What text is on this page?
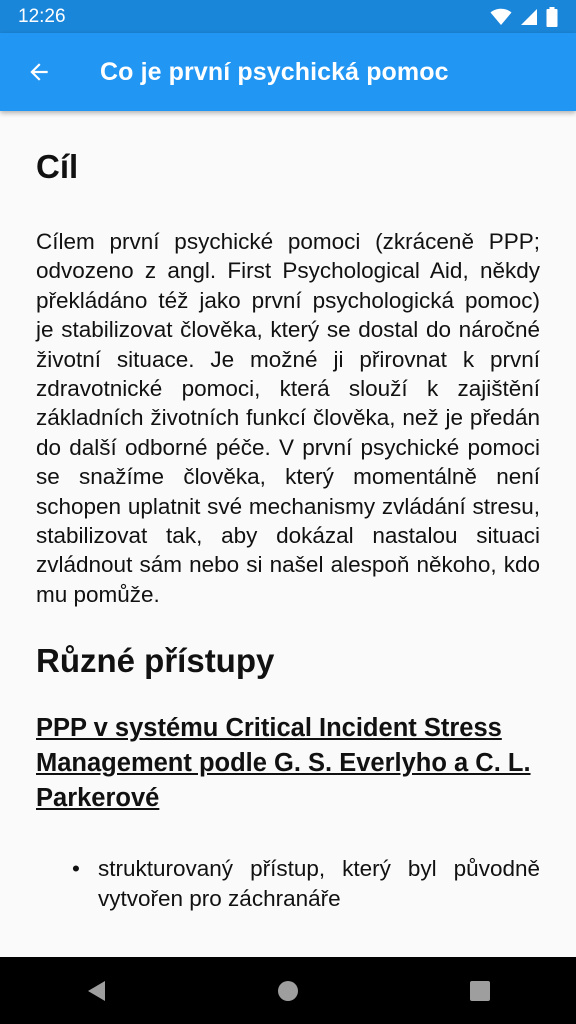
12:26
Co je první psychická pomoc
Cíl

Cílem první psychické pomoci (zkráceně PPP; odvozeno z angl. First Psychological Aid, někdy překládáno též jako první psychologická pomoc) je stabilizovat člověka, který se dostal do náročné životní situace. Je možné ji přirovnat k první zdravotnické pomoci, která slouží k zajištění základních životních funkcí člověka, než je předán do další odborné péče. V první psychické pomoci se snažíme člověka, který momentálně není schopen uplatnit své mechanismy zvládání stresu, stabilizovat tak, aby dokázal nastalou situaci zvládnout sám nebo si našel alespoň někoho, kdo mu pomůže.

Různé přístupy
PPP v systému Critical Incident Stress Management podle G. S. Everlyho a C. L. Parkerové
• strukturovaný přístup, který byl původně vytvořen pro záchranáře
